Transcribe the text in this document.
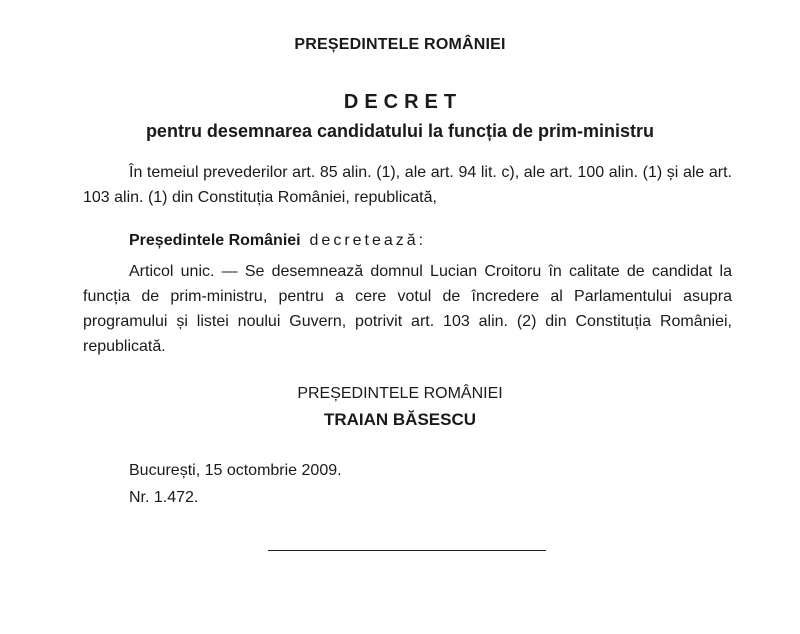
PREȘEDINTELE ROMÂNIEI
DECRET
pentru desemnarea candidatului la funcția de prim-ministru
În temeiul prevederilor art. 85 alin. (1), ale art. 94 lit. c), ale art. 100 alin. (1) și ale art. 103 alin. (1) din Constituția României, republicată,
Președintele României decretează:
Articol unic. — Se desemnează domnul Lucian Croitoru în calitate de candidat la funcția de prim-ministru, pentru a cere votul de încredere al Parlamentului asupra programului și listei noului Guvern, potrivit art. 103 alin. (2) din Constituția României, republicată.
PREȘEDINTELE ROMÂNIEI
TRAIAN BĂSESCU
București, 15 octombrie 2009.
Nr. 1.472.
